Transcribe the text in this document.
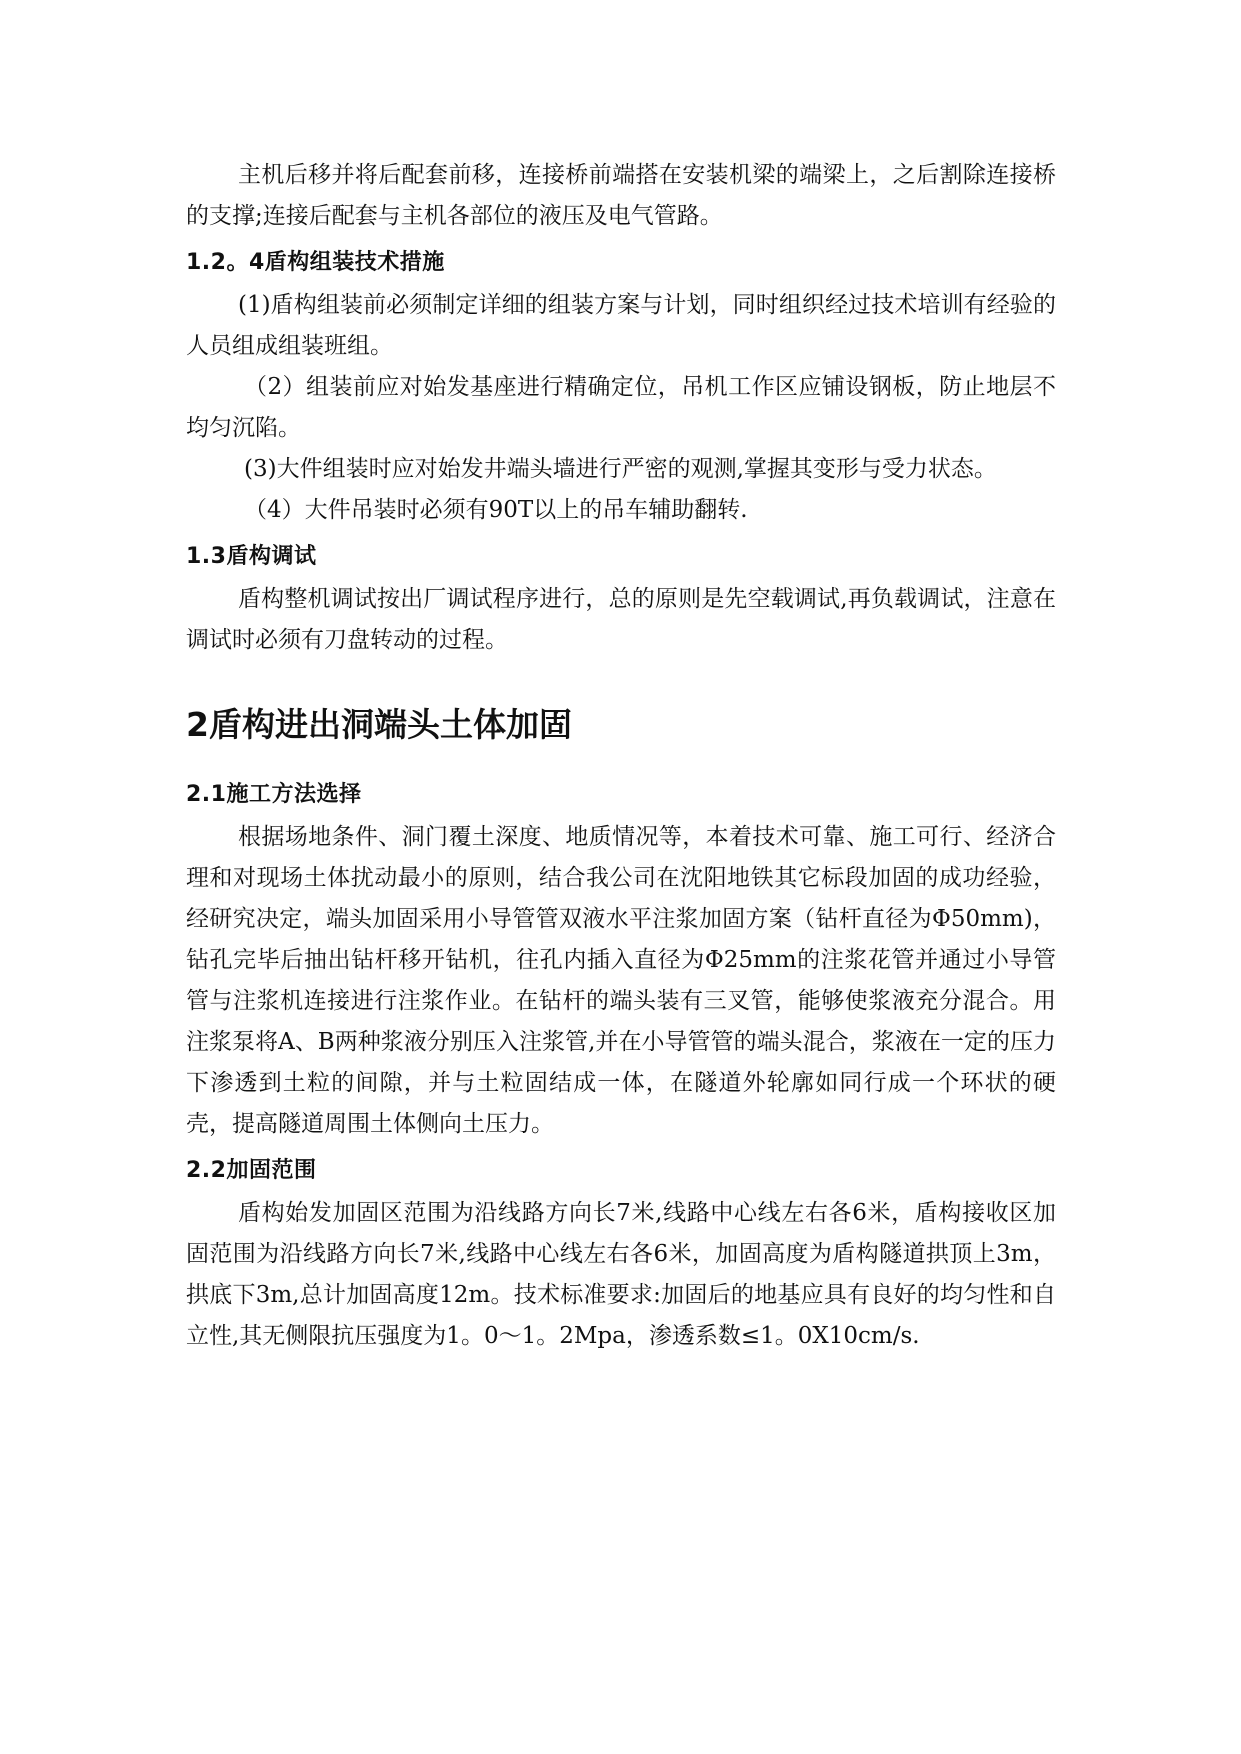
主机后移并将后配套前移，连接桥前端搭在安装机梁的端梁上，之后割除连接桥的支撑;连接后配套与主机各部位的液压及电气管路。

1.2。4盾构组装技术措施

(1)盾构组装前必须制定详细的组装方案与计划，同时组织经过技术培训有经验的人员组成组装班组。

（2）组装前应对始发基座进行精确定位，吊机工作区应铺设钢板，防止地层不均匀沉陷。

(3)大件组装时应对始发井端头墙进行严密的观测,掌握其变形与受力状态。

（4）大件吊装时必须有90T以上的吊车辅助翻转.

1.3盾构调试

盾构整机调试按出厂调试程序进行，总的原则是先空载调试,再负载调试，注意在调试时必须有刀盘转动的过程。

2盾构进出洞端头土体加固
2.1施工方法选择

根据场地条件、洞门覆土深度、地质情况等，本着技术可靠、施工可行、经济合理和对现场土体扰动最小的原则，结合我公司在沈阳地铁其它标段加固的成功经验，经研究决定，端头加固采用小导管管双液水平注浆加固方案（钻杆直径为Φ50mm)，钻孔完毕后抽出钻杆移开钻机，往孔内插入直径为Φ25mm的注浆花管并通过小导管管与注浆机连接进行注浆作业。在钻杆的端头装有三叉管，能够使浆液充分混合。用注浆泵将A、B两种浆液分别压入注浆管,并在小导管管的端头混合，浆液在一定的压力下渗透到土粒的间隙，并与土粒固结成一体，在隧道外轮廓如同行成一个环状的硬壳，提高隧道周围土体侧向土压力。

2.2加固范围

盾构始发加固区范围为沿线路方向长7米,线路中心线左右各6米，盾构接收区加固范围为沿线路方向长7米,线路中心线左右各6米，加固高度为盾构隧道拱顶上3m，拱底下3m,总计加固高度12m。技术标准要求:加固后的地基应具有良好的均匀性和自立性,其无侧限抗压强度为1。0～1。2Mpa，渗透系数≤1。0X10cm/s.
